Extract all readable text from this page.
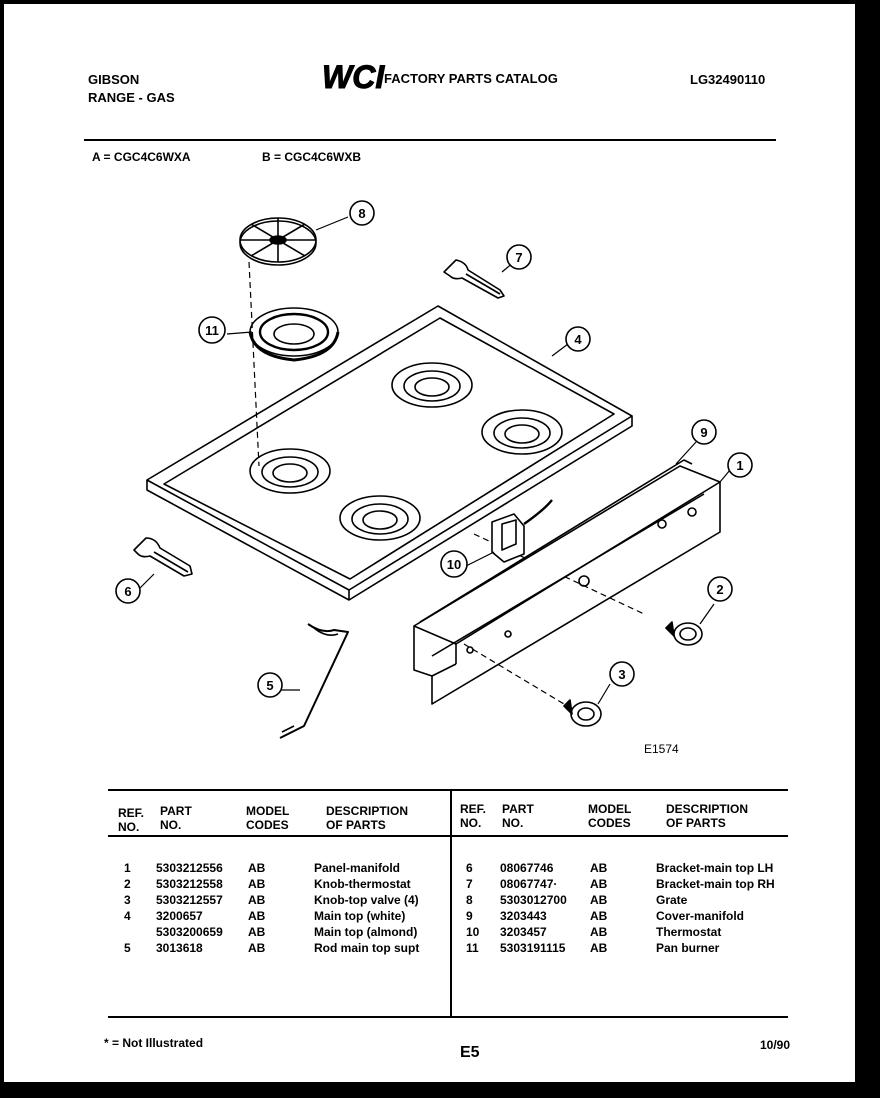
GIBSON
RANGE - GAS
WCI FACTORY PARTS CATALOG	LG32490110
A = CGC4C6WXA	B = CGC4C6WXB
8
7
11
4
9
1
10
6	2
5
3
E1574
REF.
NO.
PART
NO.
MODEL
CODES
DESCRIPTION
OF PARTS
REF.
NO.
PART
NO.
MODEL
CODES
DESCRIPTION
OF PARTS
1 5303212556 AB	Panel-manifold
2 5303212558 AB	Knob-thermostat
3 5303212557 AB	Knob-top valve (4)
4 3200657	AB	Main top (white)
5303200659 AB	Main top (almond)
5 3013618	AB	Rod main top supt
6 08067746	AB	Bracket-main top LH
7 08067747·	AB	Bracket-main top RH
8 5303012700 AB	Grate
9 3203443	AB	Cover-manifold
10 3203457	AB	Thermostat
11 5303191115 AB	Pan burner
* = Not Illustrated
E5	10/90
